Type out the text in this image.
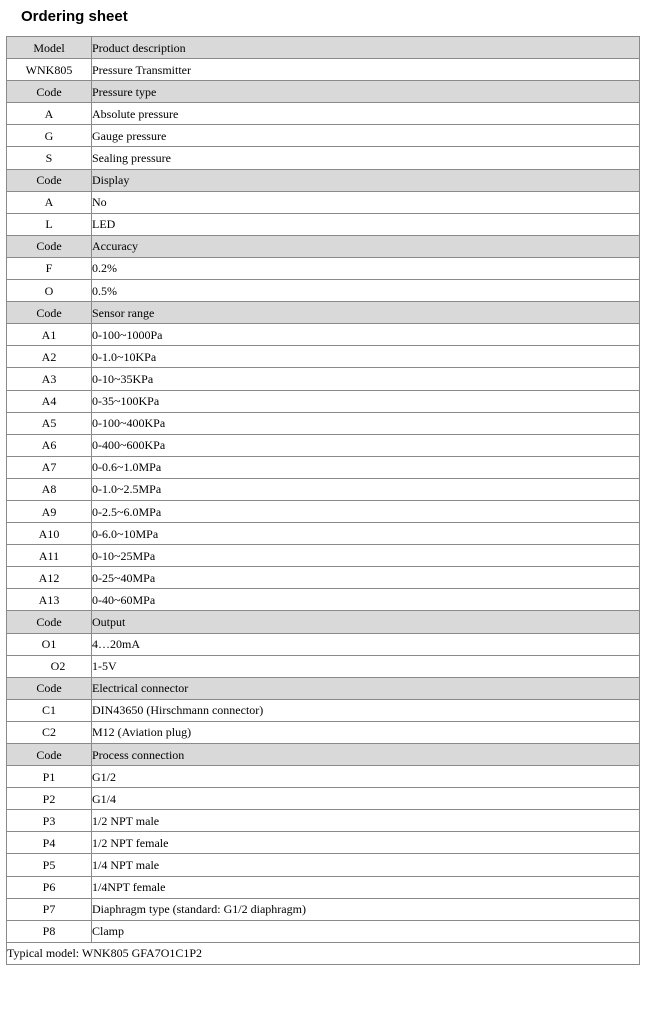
Ordering sheet
Model	Product description
WNK805	Pressure Transmitter
Code	Pressure type
A	Absolute pressure
G	Gauge pressure
S	Sealing pressure
Code	Display
A	No
L	LED
Code	Accuracy
F	0.2%
O	0.5%
Code	Sensor range
A1	0-100~1000Pa
A2	0-1.0~10KPa
A3	0-10~35KPa
A4	0-35~100KPa
A5	0-100~400KPa
A6	0-400~600KPa
A7	0-0.6~1.0MPa
A8	0-1.0~2.5MPa
A9	0-2.5~6.0MPa
A10	0-6.0~10MPa
A11	0-10~25MPa
A12	0-25~40MPa
A13	0-40~60MPa
Code	Output
O1	4…20mA
O2	1-5V
Code	Electrical connector
C1	DIN43650 (Hirschmann connector)
C2	M12 (Aviation plug)
Code	Process connection
P1	G1/2
P2	G1/4
P3	1/2 NPT male
P4	1/2 NPT female
P5	1/4 NPT male
P6	1/4NPT female
P7	Diaphragm type (standard: G1/2 diaphragm)
P8	Clamp
Typical model: WNK805 GFA7O1C1P2	
